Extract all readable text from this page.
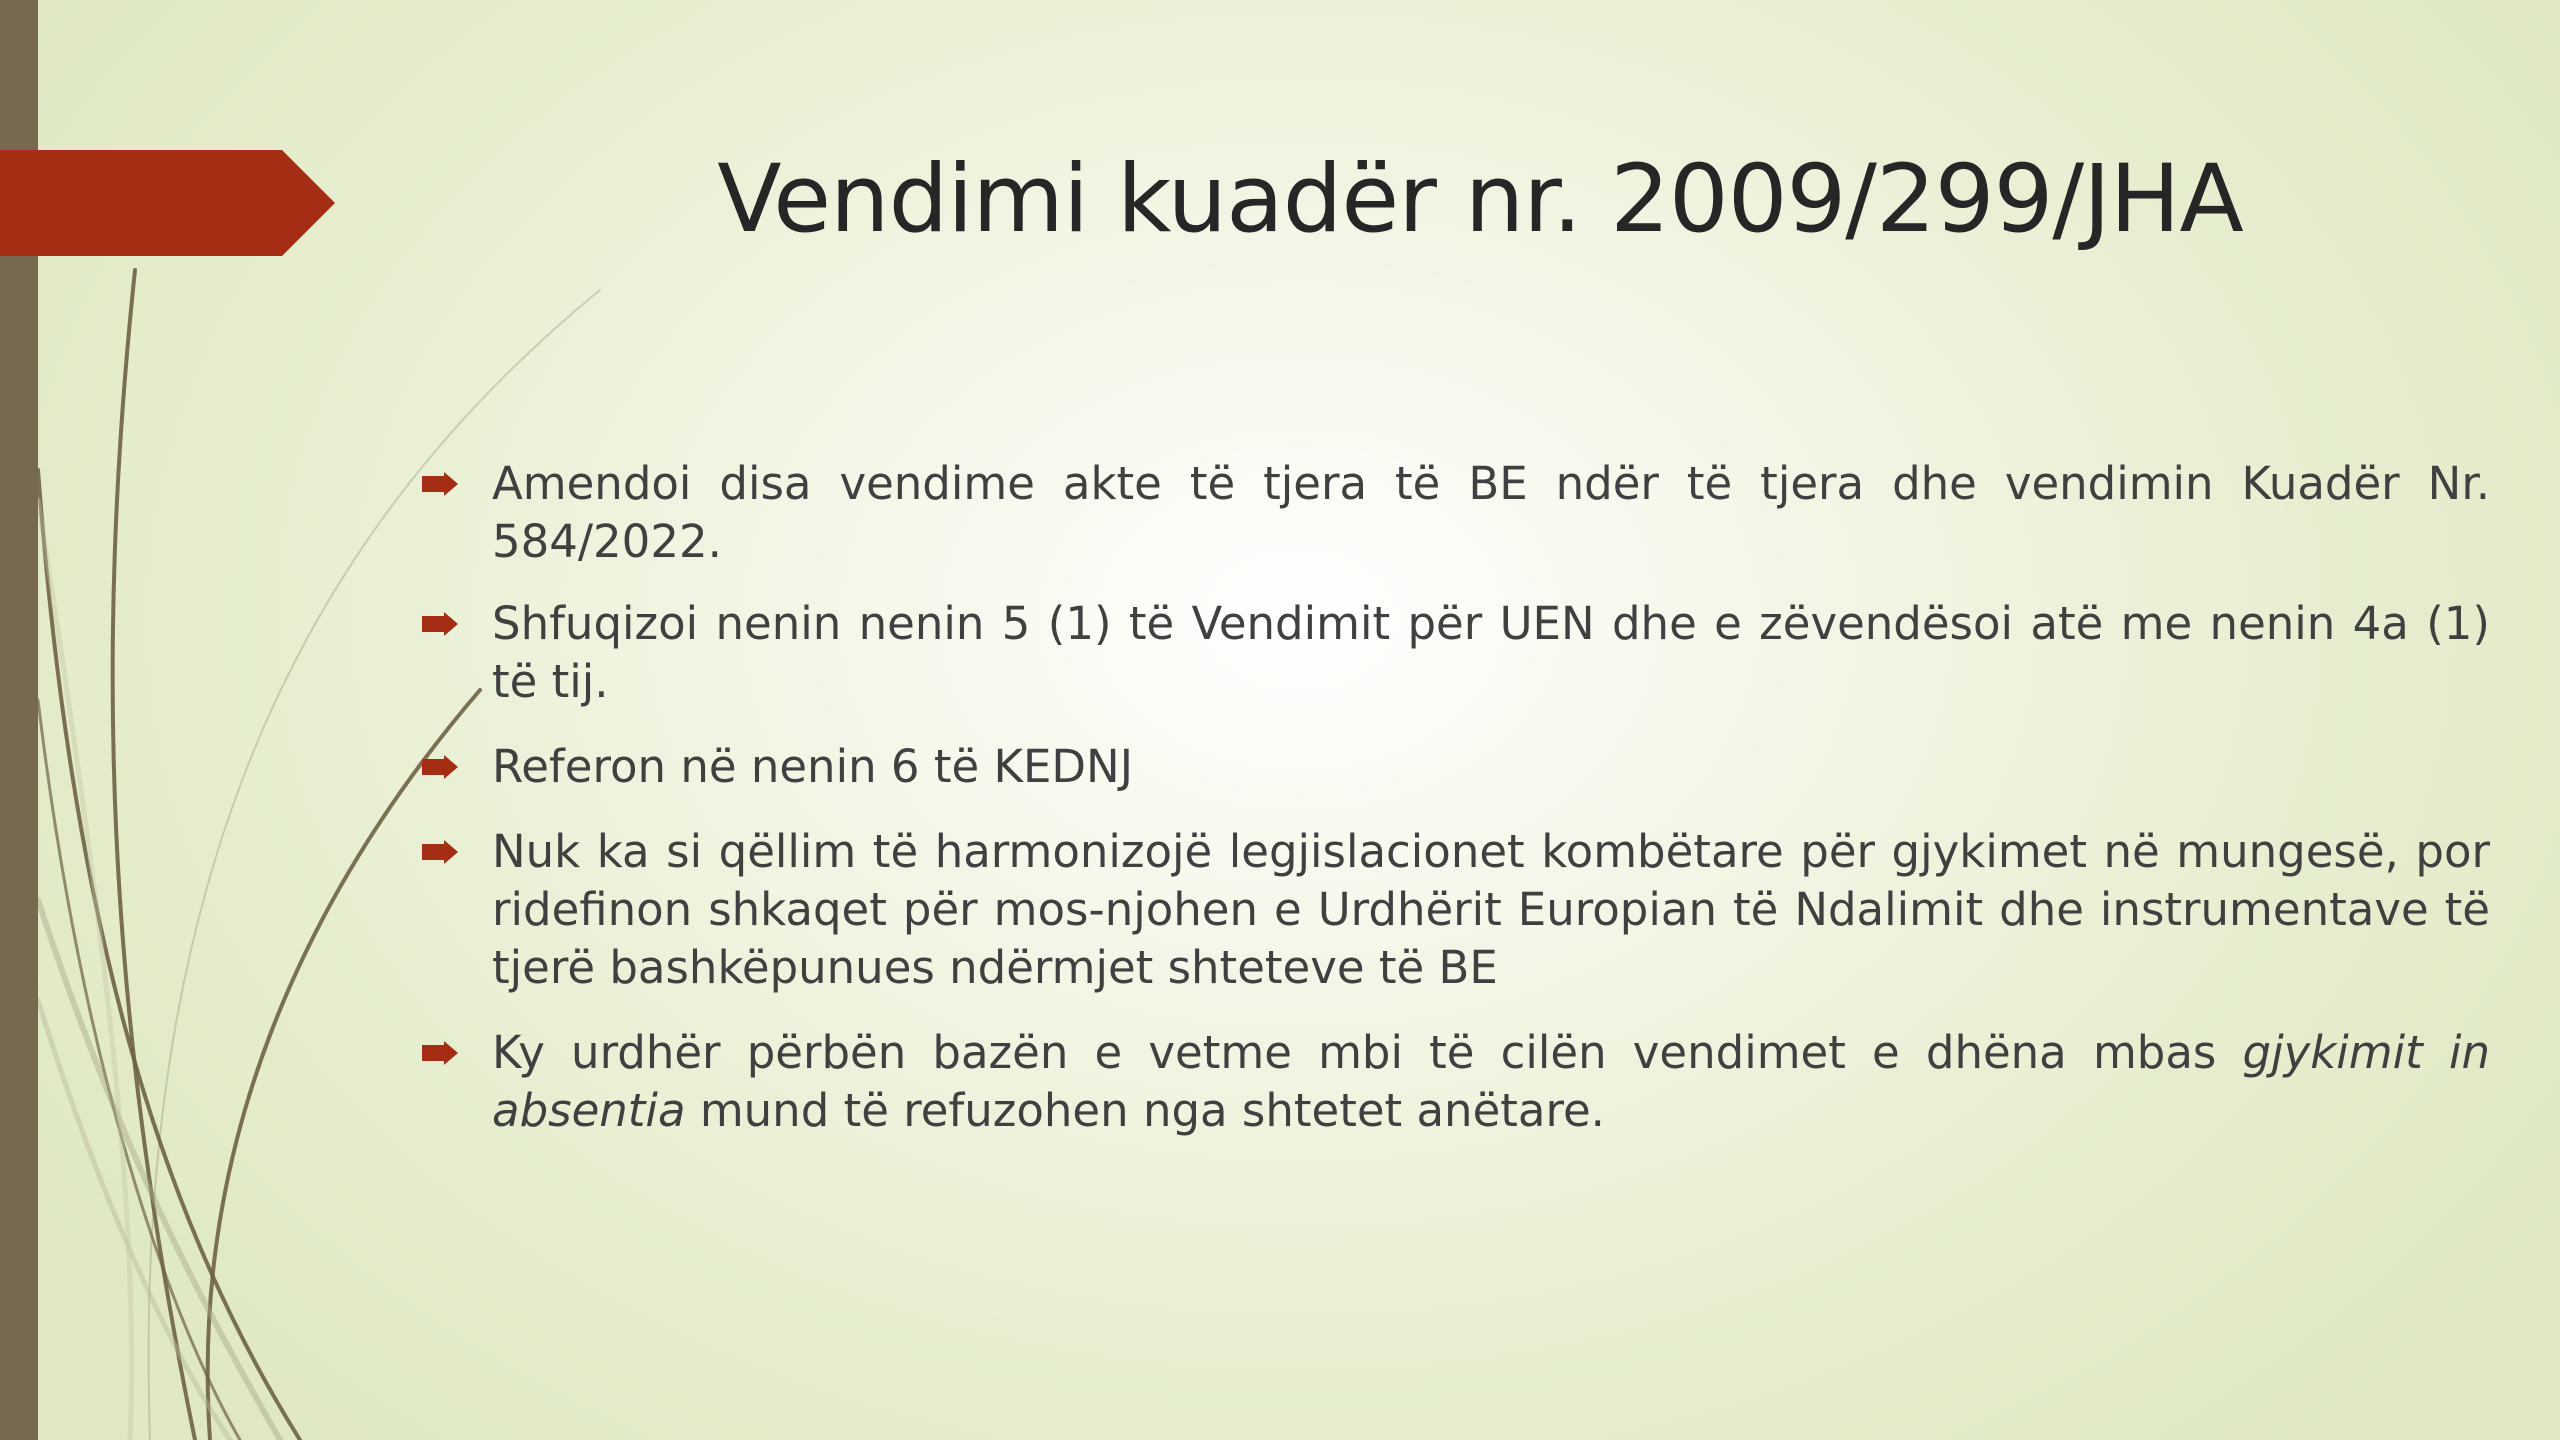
Vendimi kuadër nr. 2009/299/JHA
Amendoi disa vendime akte të tjera të BE ndër të tjera dhe vendimin Kuadër Nr. 584/2022.
Shfuqizoi nenin nenin 5 (1) të Vendimit për UEN dhe e zëvendësoi atë me nenin 4a (1) të tij.
Referon në nenin 6 të KEDNJ
Nuk ka si qëllim të harmonizojë legjislacionet kombëtare për gjykimet në mungesë, por ridefinon shkaqet për mos-njohen e Urdhërit Europian të Ndalimit dhe instrumentave të tjerë bashkëpunues ndërmjet shteteve të BE
Ky urdhër përbën bazën e vetme mbi të cilën vendimet e dhëna mbas gjykimit in absentia mund të refuzohen nga shtetet anëtare.
